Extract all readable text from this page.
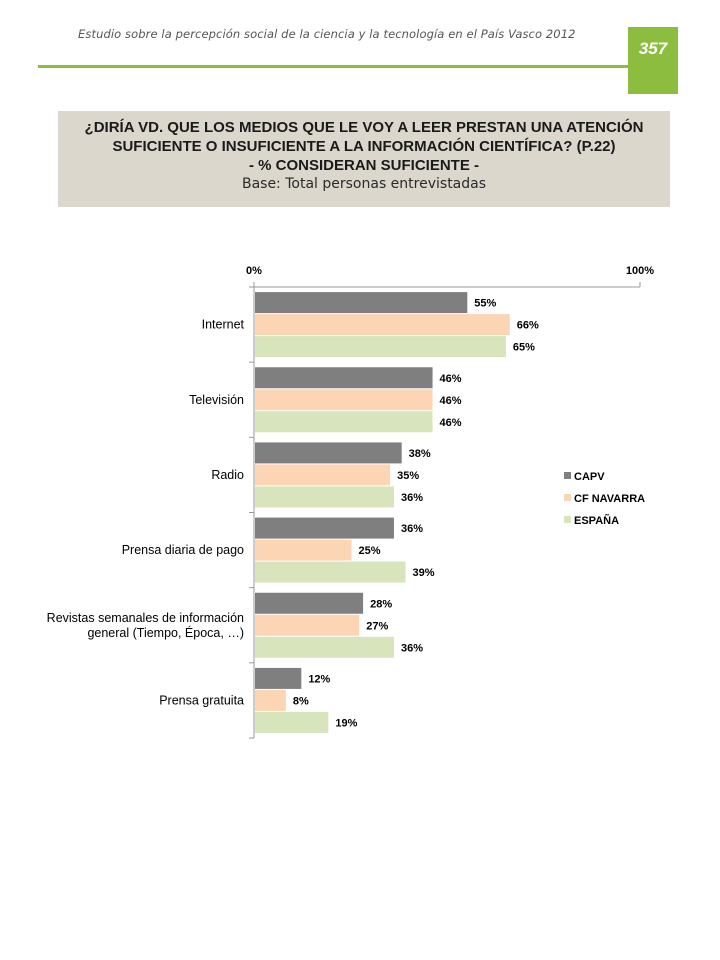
Estudio sobre la percepción social de la ciencia y la tecnología en el País Vasco 2012
357
¿DIRÍA VD. QUE LOS MEDIOS QUE LE VOY A LEER PRESTAN UNA ATENCIÓN
SUFICIENTE O INSUFICIENTE A LA INFORMACIÓN CIENTÍFICA? (P.22)
- % CONSIDERAN SUFICIENTE -
Base: Total personas entrevistadas
0%	100%
55%
66%
65%
Internet
46%
46%
46%
Televisión
38%
35%
36%
Radio
36%
25%
39%
Prensa diaria de pago
28%
27%
36%
Revistas semanales de información general (Tiempo, Época, …)
12%
8%
19%
Prensa gratuita
CAPV
CF NAVARRA
ESPAÑA
